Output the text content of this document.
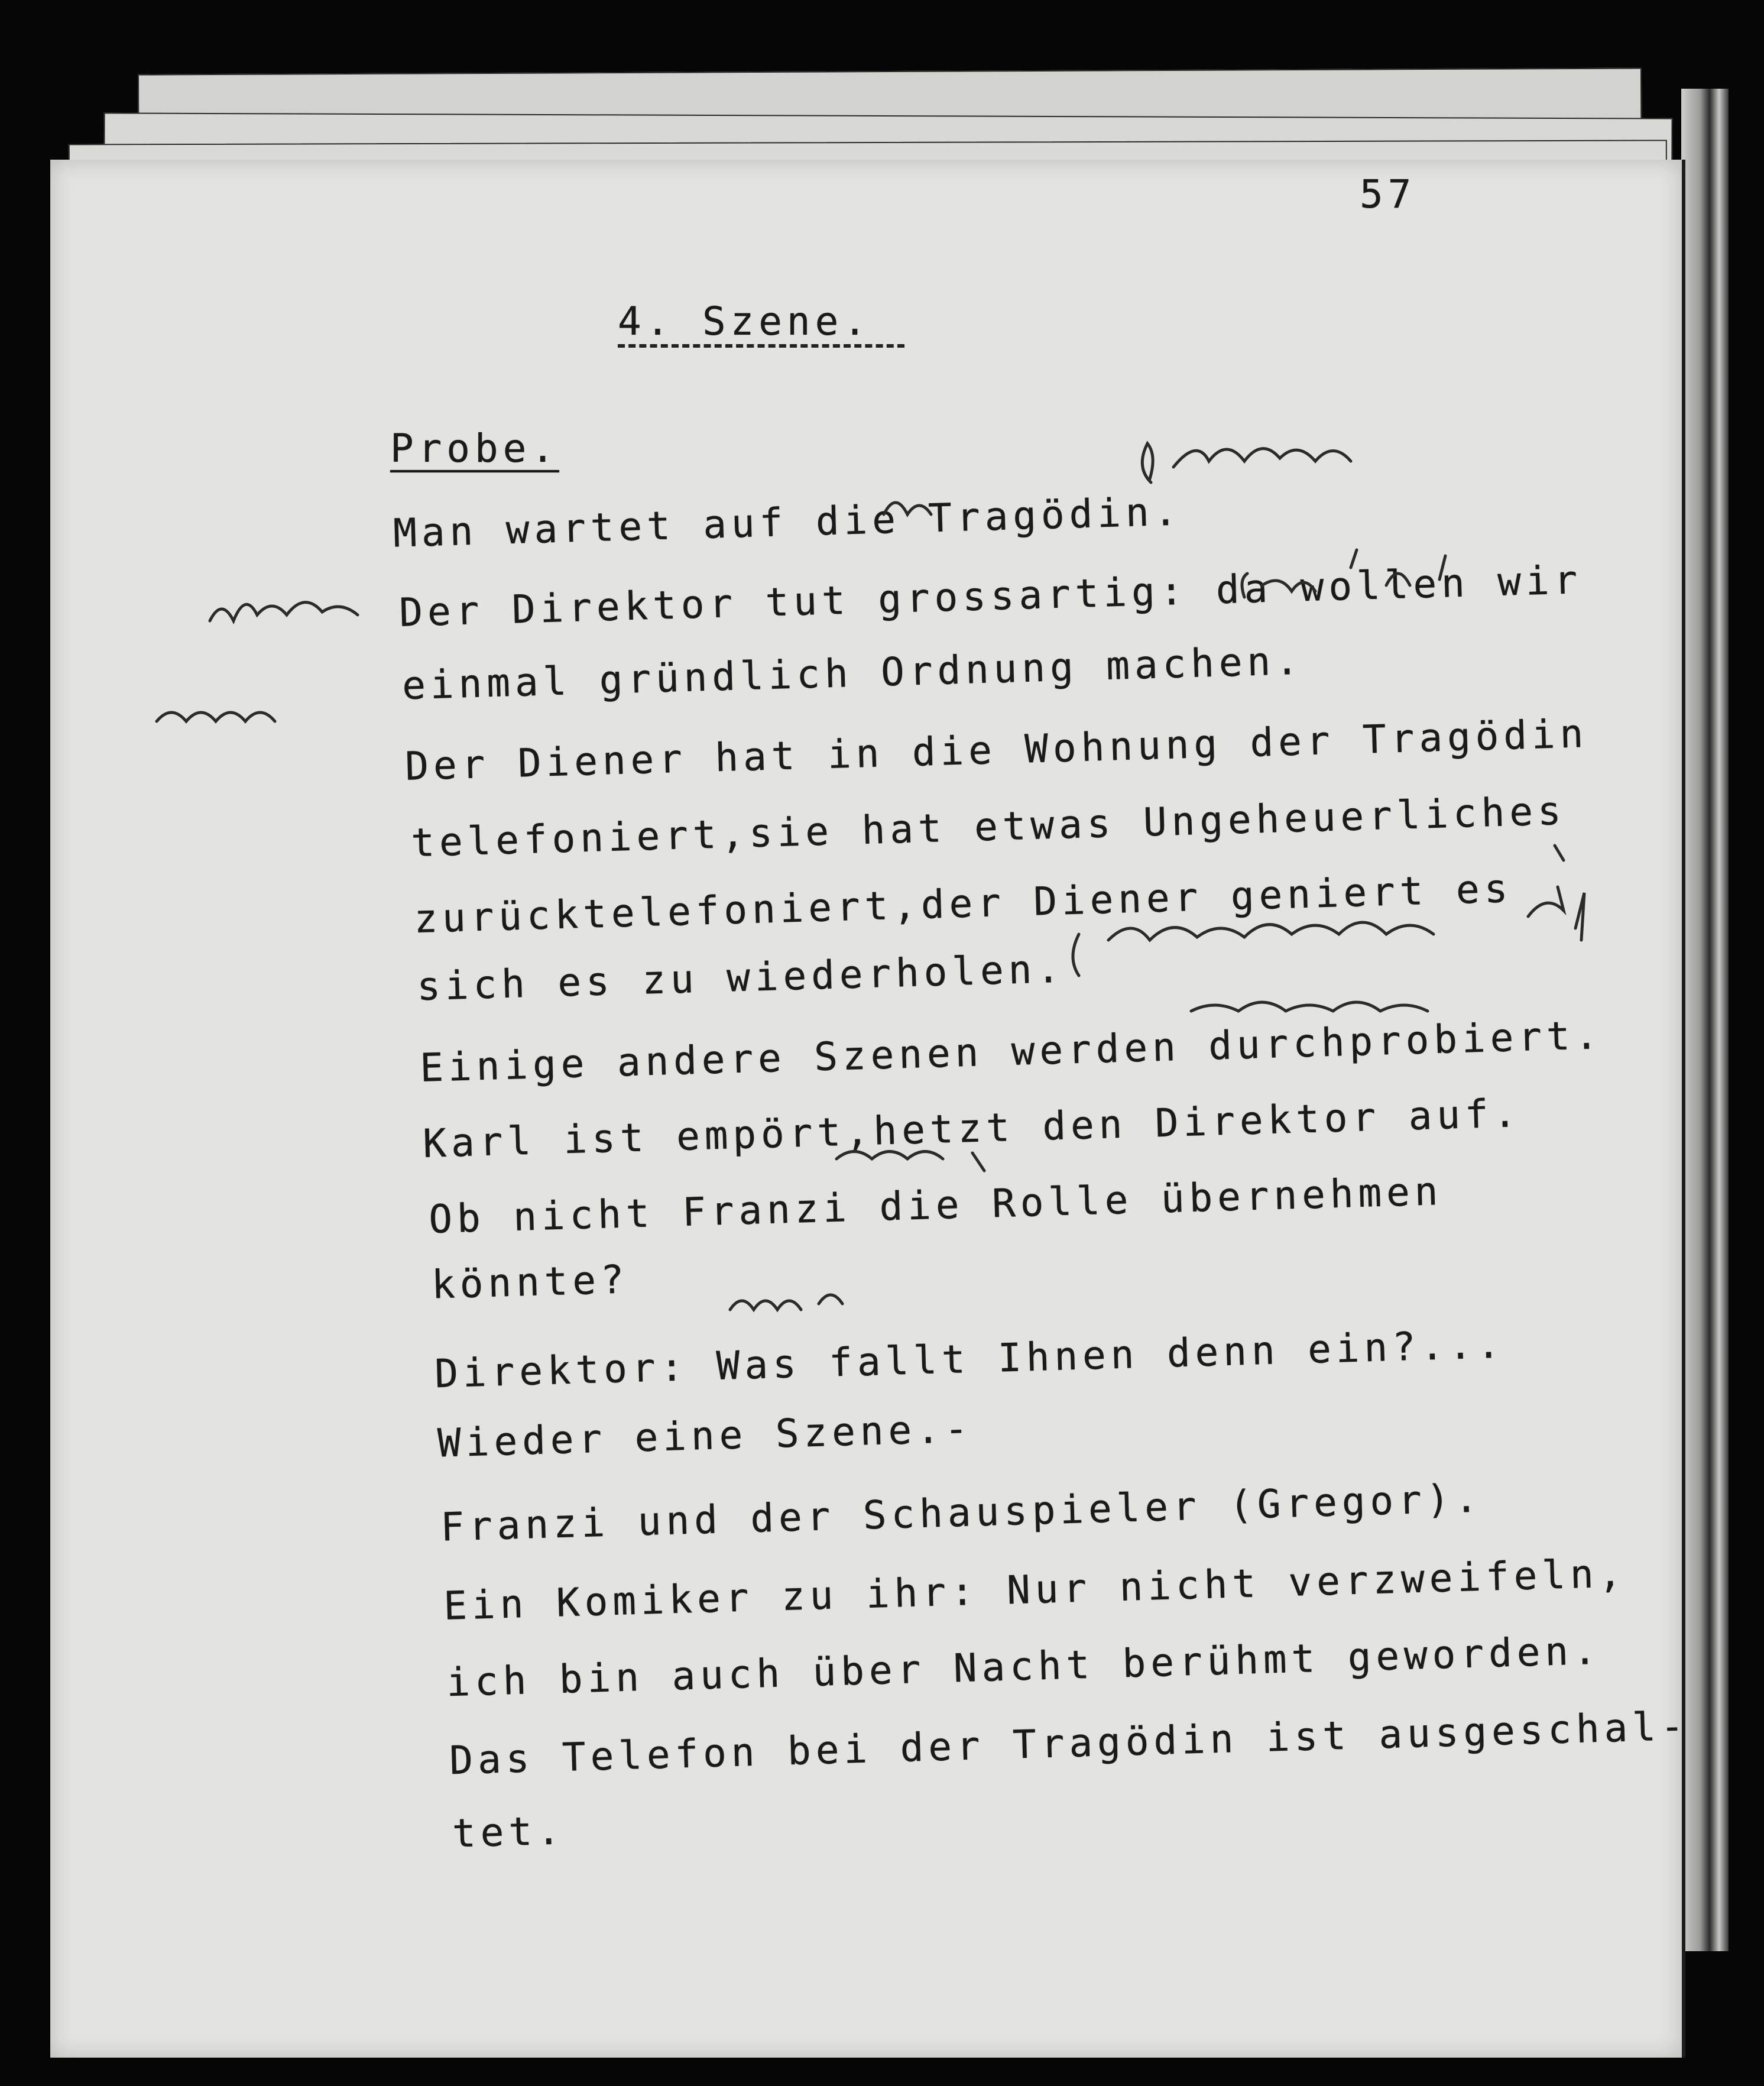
57
4. Szene.
Probe.
Man wartet auf die Tragödin.
Der Direktor tut grossartig: da wollen wir
einmal gründlich Ordnung machen.
Der Diener hat in die Wohnung der Tragödin
telefoniert,sie hat etwas Ungeheuerliches
zurücktelefoniert,der Diener geniert es
sich es zu wiederholen.
Einige andere Szenen werden durchprobiert.
Karl ist empört,hetzt den Direktor auf.
Ob nicht Franzi die Rolle übernehmen
könnte?
Direktor: Was fallt Ihnen denn ein?...
Wieder eine Szene.-
Franzi und der Schauspieler (Gregor).
Ein Komiker zu ihr: Nur nicht verzweifeln,
ich bin auch über Nacht berühmt geworden.
Das Telefon bei der Tragödin ist ausgeschal-
tet.
